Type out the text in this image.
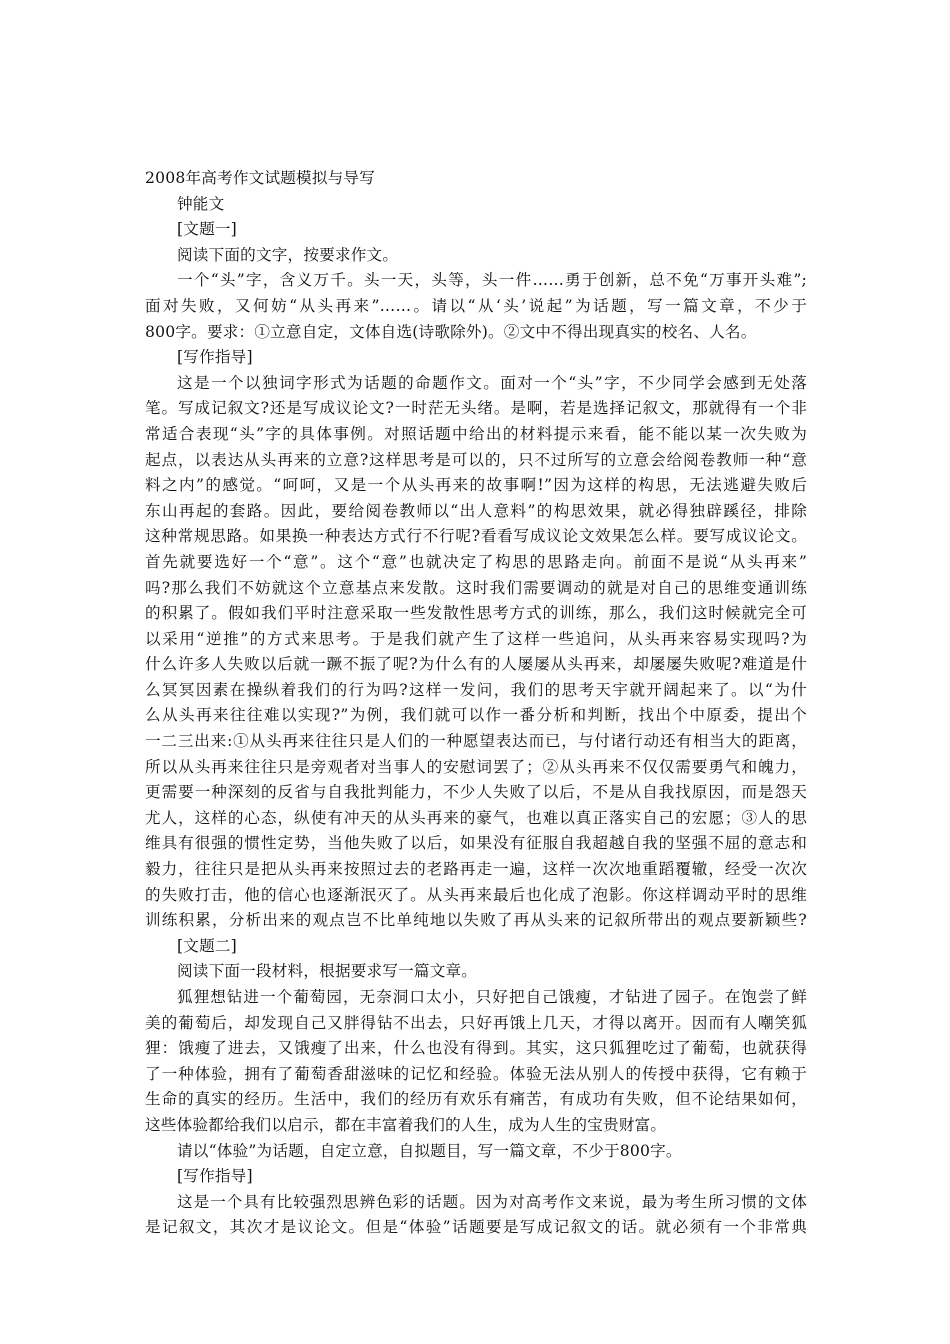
2008年高考作文试题模拟与导写
钟能文
[文题一]
阅读下面的文字，按要求作文。
一个“头”字，含义万千。头一天，头等，头一件……勇于创新，总不免“万事开头难”;
面对失败，又何妨“从头再来”……。请以“从‘头’说起”为话题，写一篇文章，不少于
800字。要求：①立意自定，文体自选(诗歌除外)。②文中不得出现真实的校名、人名。
[写作指导]
这是一个以独词字形式为话题的命题作文。面对一个“头”字，不少同学会感到无处落
笔。写成记叙文?还是写成议论文?一时茫无头绪。是啊，若是选择记叙文，那就得有一个非
常适合表现“头”字的具体事例。对照话题中给出的材料提示来看，能不能以某一次失败为
起点，以表达从头再来的立意?这样思考是可以的，只不过所写的立意会给阅卷教师一种“意
料之内”的感觉。“呵呵，又是一个从头再来的故事啊!”因为这样的构思，无法逃避失败后
东山再起的套路。因此，要给阅卷教师以“出人意料”的构思效果，就必得独辟蹊径，排除
这种常规思路。如果换一种表达方式行不行呢?看看写成议论文效果怎么样。要写成议论文。
首先就要选好一个“意”。这个“意”也就决定了构思的思路走向。前面不是说“从头再来”
吗?那么我们不妨就这个立意基点来发散。这时我们需要调动的就是对自己的思维变通训练
的积累了。假如我们平时注意采取一些发散性思考方式的训练，那么，我们这时候就完全可
以采用“逆推”的方式来思考。于是我们就产生了这样一些追问，从头再来容易实现吗?为
什么许多人失败以后就一蹶不振了呢?为什么有的人屡屡从头再来，却屡屡失败呢?难道是什
么冥冥因素在操纵着我们的行为吗?这样一发问，我们的思考天宇就开阔起来了。以“为什
么从头再来往往难以实现?”为例，我们就可以作一番分析和判断，找出个中原委，提出个
一二三出来:①从头再来往往只是人们的一种愿望表达而已，与付诸行动还有相当大的距离，
所以从头再来往往只是旁观者对当事人的安慰词罢了；②从头再来不仅仅需要勇气和魄力，
更需要一种深刻的反省与自我批判能力，不少人失败了以后，不是从自我找原因，而是怨天
尤人，这样的心态，纵使有冲天的从头再来的豪气，也难以真正落实自己的宏愿；③人的思
维具有很强的惯性定势，当他失败了以后，如果没有征服自我超越自我的坚强不屈的意志和
毅力，往往只是把从头再来按照过去的老路再走一遍，这样一次次地重蹈覆辙，经受一次次
的失败打击，他的信心也逐渐泯灭了。从头再来最后也化成了泡影。你这样调动平时的思维
训练积累，分析出来的观点岂不比单纯地以失败了再从头来的记叙所带出的观点要新颖些?
[文题二]
阅读下面一段材料，根据要求写一篇文章。
狐狸想钻进一个葡萄园，无奈洞口太小，只好把自己饿瘦，才钻进了园子。在饱尝了鲜
美的葡萄后，却发现自己又胖得钻不出去，只好再饿上几天，才得以离开。因而有人嘲笑狐
狸：饿瘦了进去，又饿瘦了出来，什么也没有得到。其实，这只狐狸吃过了葡萄，也就获得
了一种体验，拥有了葡萄香甜滋味的记忆和经验。体验无法从别人的传授中获得，它有赖于
生命的真实的经历。生活中，我们的经历有欢乐有痛苦，有成功有失败，但不论结果如何，
这些体验都给我们以启示，都在丰富着我们的人生，成为人生的宝贵财富。
请以“体验”为话题，自定立意，自拟题目，写一篇文章，不少于800字。
[写作指导]
这是一个具有比较强烈思辨色彩的话题。因为对高考作文来说，最为考生所习惯的文体
是记叙文，其次才是议论文。但是“体验”话题要是写成记叙文的话。就必须有一个非常典
